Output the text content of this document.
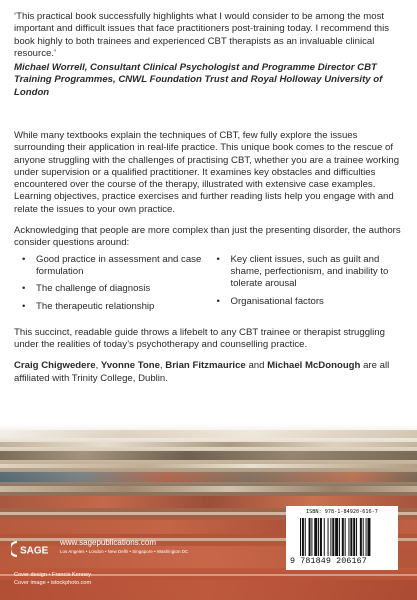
‘This practical book successfully highlights what I would consider to be among the most important and difficult issues that face practitioners post-training today. I recommend this book highly to both trainees and experienced CBT therapists as an invaluable clinical resource.’

Michael Worrell, Consultant Clinical Psychologist and Programme Director CBT Training Programmes, CNWL Foundation Trust and Royal Holloway University of London

While many textbooks explain the techniques of CBT, few fully explore the issues surrounding their application in real-life practice. This unique book comes to the rescue of anyone struggling with the challenges of practising CBT, whether you are a trainee working under supervision or a qualified practitioner. It examines key obstacles and difficulties encountered over the course of the therapy, illustrated with extensive case examples. Learning objectives, practice exercises and further reading lists help you engage with and relate the issues to your own practice.

Acknowledging that people are more complex than just the presenting disorder, the authors consider questions around:

• Good practice in assessment and case formulation
• The challenge of diagnosis
• The therapeutic relationship
• Key client issues, such as guilt and shame, perfectionism, and inability to tolerate arousal
• Organisational factors

This succinct, readable guide throws a lifebelt to any CBT trainee or therapist struggling under the realities of today’s psychotherapy and counselling practice.

Craig Chigwedere, Yvonne Tone, Brian Fitzmaurice and Michael McDonough are all affiliated with Trinity College, Dublin.

SAGE
www.sagepublications.com
Los Angeles • London • New Delhi • Singapore • Washington DC
Cover design • Francis Kenney
Cover image • istockphoto.com
ISBN: 978-1-84920-616-7
9 781849 206167
